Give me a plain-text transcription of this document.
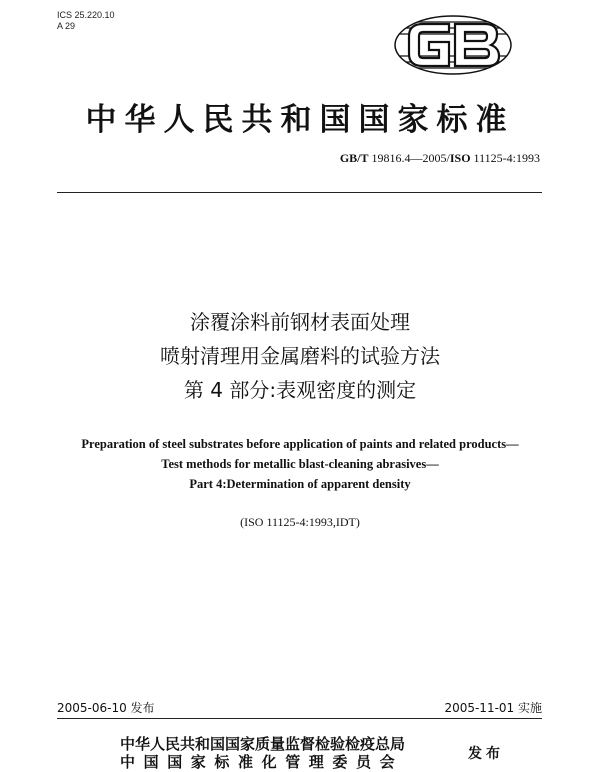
ICS 25.220.10
A 29
中华人民共和国国家标准
GB/T 19816.4—2005/ISO 11125-4:1993
涂覆涂料前钢材表面处理
喷射清理用金属磨料的试验方法
第 4 部分:表观密度的测定
Preparation of steel substrates before application of paints and related products—
Test methods for metallic blast-cleaning abrasives—
Part 4:Determination of apparent density
(ISO 11125-4:1993,IDT)
2005-06-10 发布	2005-11-01 实施
中华人民共和国国家质量监督检验检疫总局
中国国家标准化管理委员会	发布
